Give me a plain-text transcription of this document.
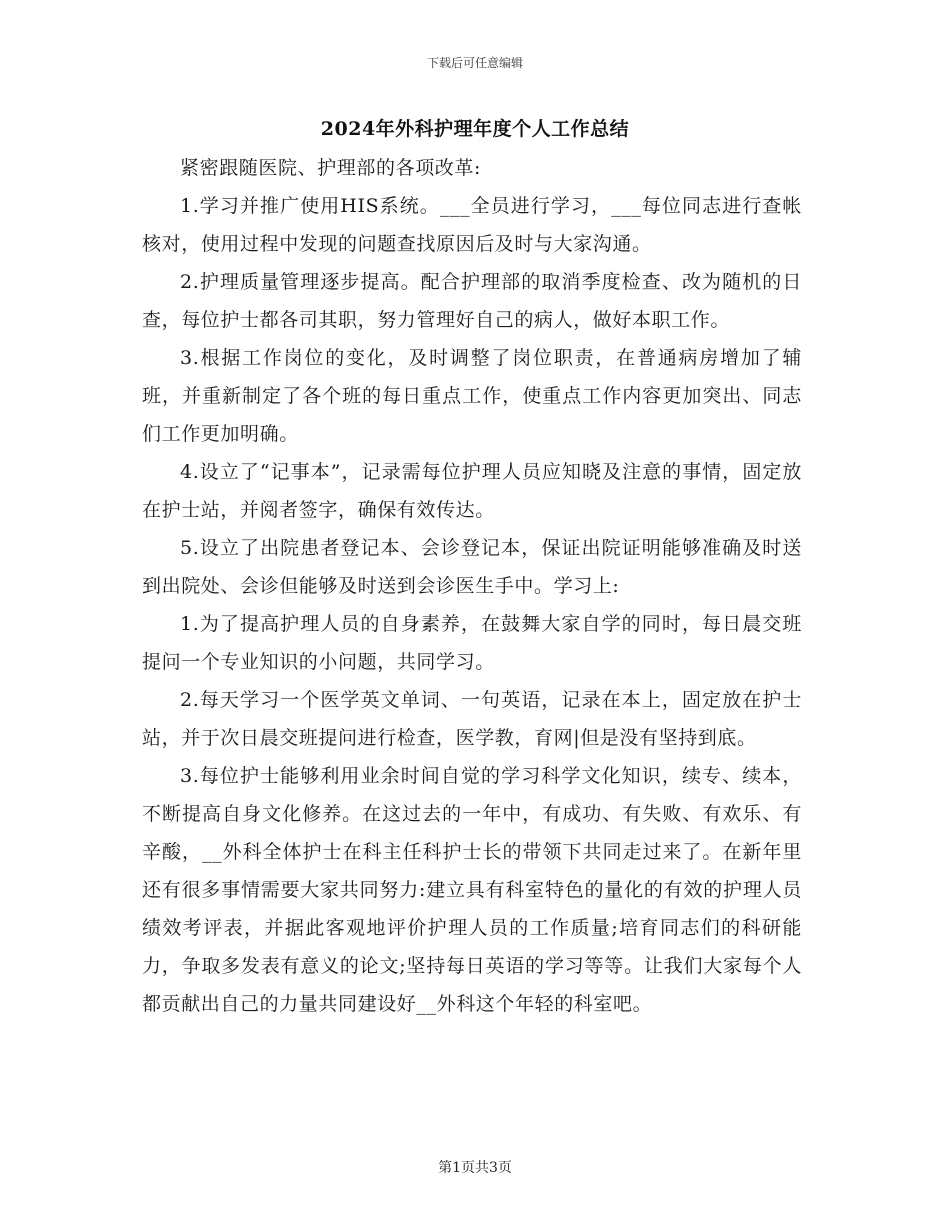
下载后可任意编辑
2024年外科护理年度个人工作总结

紧密跟随医院、护理部的各项改革:

1.学习并推广使用HIS系统。___全员进行学习，___每位同志进行查帐核对，使用过程中发现的问题查找原因后及时与大家沟通。

2.护理质量管理逐步提高。配合护理部的取消季度检查、改为随机的日查，每位护士都各司其职，努力管理好自己的病人，做好本职工作。

3.根据工作岗位的变化，及时调整了岗位职责，在普通病房增加了辅班，并重新制定了各个班的每日重点工作，使重点工作内容更加突出、同志们工作更加明确。

4.设立了“记事本”，记录需每位护理人员应知晓及注意的事情，固定放在护士站，并阅者签字，确保有效传达。

5.设立了出院患者登记本、会诊登记本，保证出院证明能够准确及时送到出院处、会诊但能够及时送到会诊医生手中。学习上:

1.为了提高护理人员的自身素养，在鼓舞大家自学的同时，每日晨交班提问一个专业知识的小问题，共同学习。

2.每天学习一个医学英文单词、一句英语，记录在本上，固定放在护士站，并于次日晨交班提问进行检查，医学教，育网|但是没有坚持到底。

3.每位护士能够利用业余时间自觉的学习科学文化知识，续专、续本，不断提高自身文化修养。在这过去的一年中，有成功、有失败、有欢乐、有辛酸，__外科全体护士在科主任科护士长的带领下共同走过来了。在新年里还有很多事情需要大家共同努力:建立具有科室特色的量化的有效的护理人员绩效考评表，并据此客观地评价护理人员的工作质量;培育同志们的科研能力，争取多发表有意义的论文;坚持每日英语的学习等等。让我们大家每个人都贡献出自己的力量共同建设好__外科这个年轻的科室吧。

第1页共3页
